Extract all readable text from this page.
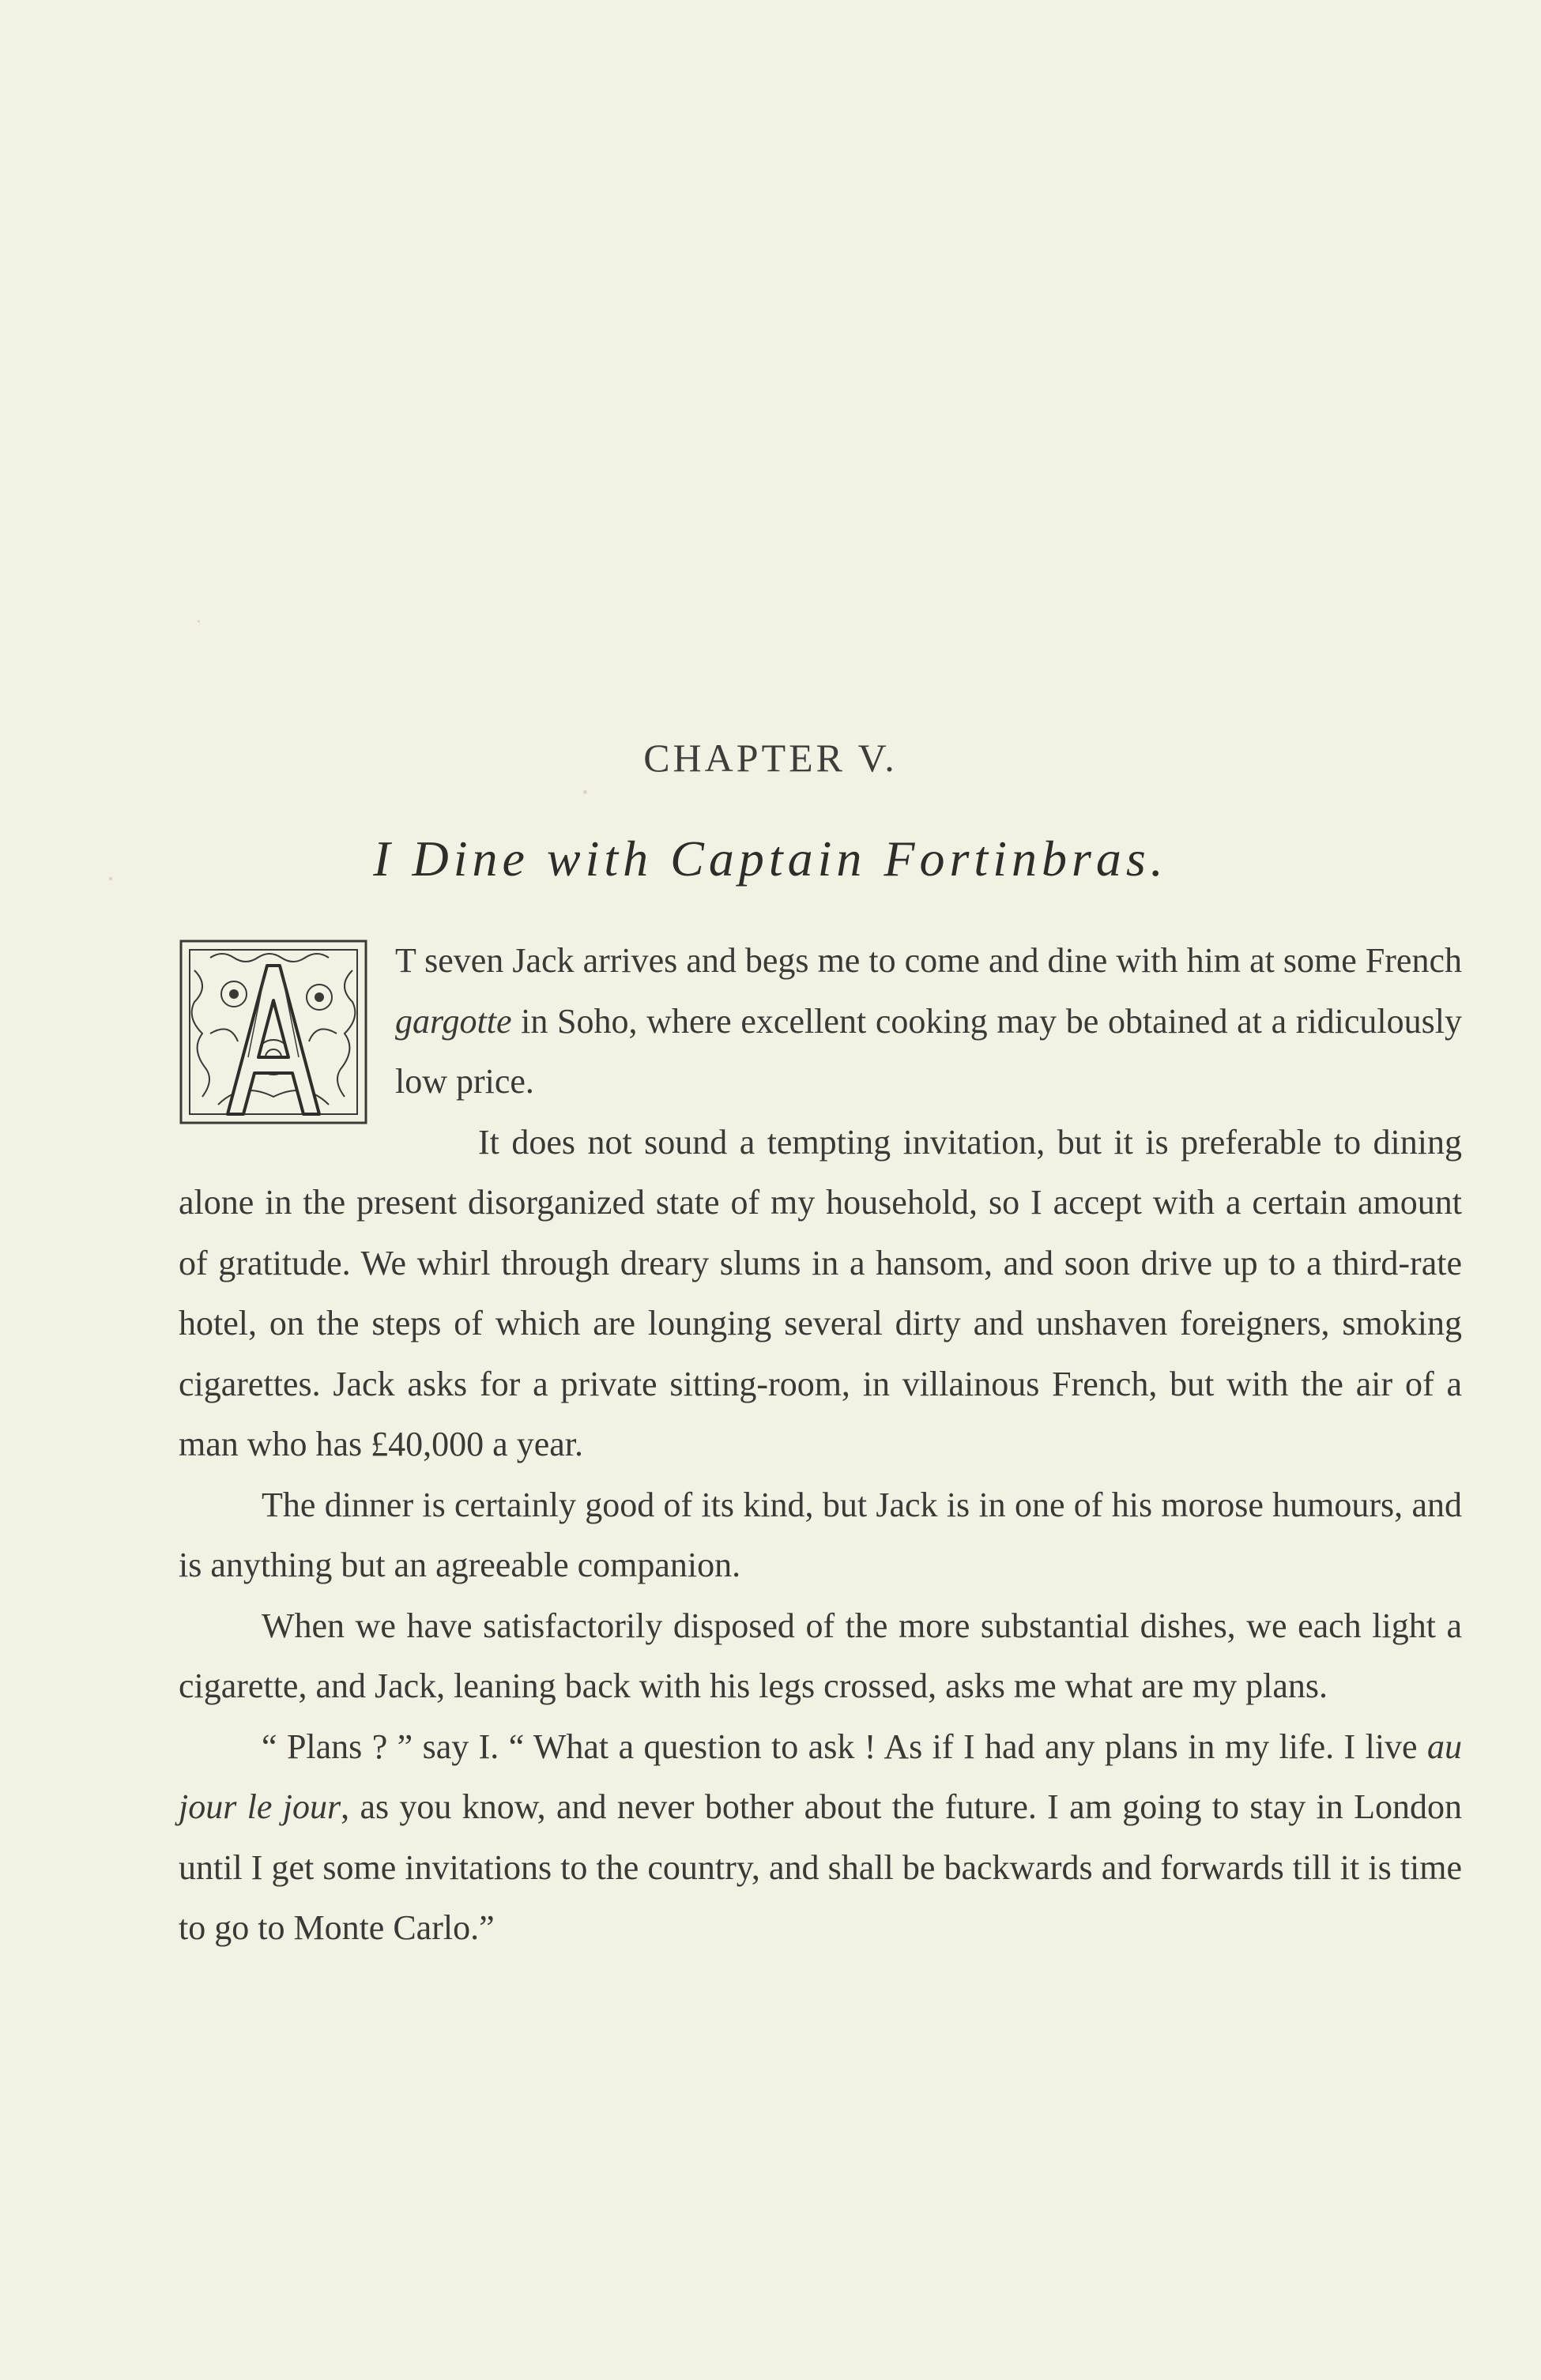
CHAPTER V.
I Dine with Captain Fortinbras.

T seven Jack arrives and begs me to come and dine with him at some French gargotte in Soho, where excellent cooking may be obtained at a ridiculously low price.

It does not sound a tempting invitation, but it is preferable to dining alone in the present disorganized state of my household, so I accept with a certain amount of gratitude. We whirl through dreary slums in a hansom, and soon drive up to a third-rate hotel, on the steps of which are lounging several dirty and unshaven foreigners, smoking cigarettes. Jack asks for a private sitting-room, in villainous French, but with the air of a man who has £40,000 a year.

The dinner is certainly good of its kind, but Jack is in one of his morose humours, and is anything but an agreeable companion.

When we have satisfactorily disposed of the more substantial dishes, we each light a cigarette, and Jack, leaning back with his legs crossed, asks me what are my plans.

“ Plans ? ” say I. “ What a question to ask ! As if I had any plans in my life. I live au jour le jour, as you know, and never bother about the future. I am going to stay in London until I get some invitations to the country, and shall be backwards and forwards till it is time to go to Monte Carlo.”
